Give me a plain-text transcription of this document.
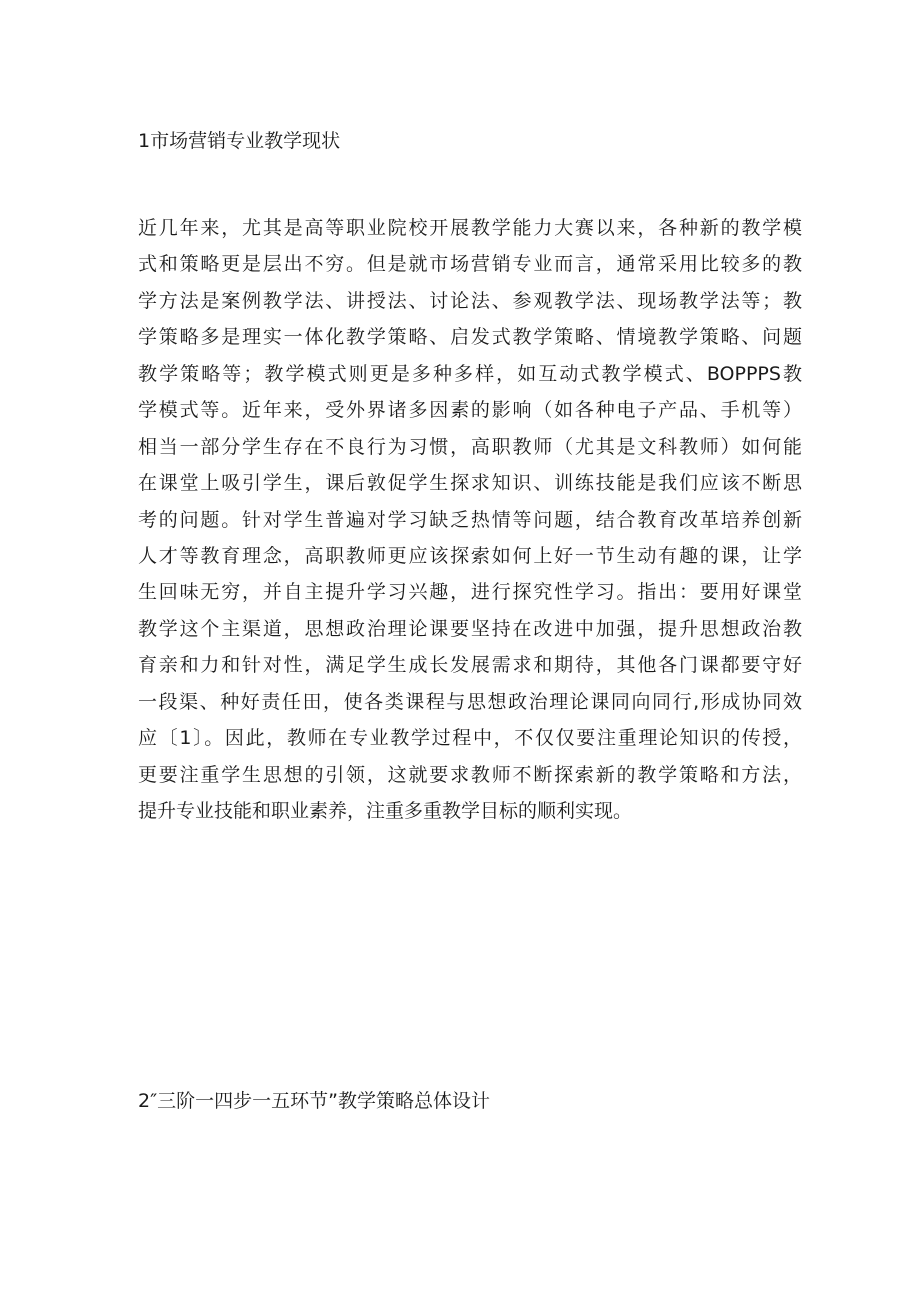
1市场营销专业教学现状
近几年来，尤其是高等职业院校开展教学能力大赛以来，各种新的教学模
式和策略更是层出不穷。但是就市场营销专业而言，通常采用比较多的教
学方法是案例教学法、讲授法、讨论法、参观教学法、现场教学法等；教
学策略多是理实一体化教学策略、启发式教学策略、情境教学策略、问题
教学策略等；教学模式则更是多种多样，如互动式教学模式、BOPPPS教
学模式等。近年来，受外界诸多因素的影响（如各种电子产品、手机等）
相当一部分学生存在不良行为习惯，高职教师（尤其是文科教师）如何能
在课堂上吸引学生，课后敦促学生探求知识、训练技能是我们应该不断思
考的问题。针对学生普遍对学习缺乏热情等问题，结合教育改革培养创新
人才等教育理念，高职教师更应该探索如何上好一节生动有趣的课，让学
生回味无穷，并自主提升学习兴趣，进行探究性学习。指出：要用好课堂
教学这个主渠道，思想政治理论课要坚持在改进中加强，提升思想政治教
育亲和力和针对性，满足学生成长发展需求和期待，其他各门课都要守好
一段渠、种好责任田，使各类课程与思想政治理论课同向同行,形成协同效
应〔1〕。因此，教师在专业教学过程中，不仅仅要注重理论知识的传授，
更要注重学生思想的引领，这就要求教师不断探索新的教学策略和方法，
提升专业技能和职业素养，注重多重教学目标的顺利实现。
2″三阶一四步一五环节”教学策略总体设计
